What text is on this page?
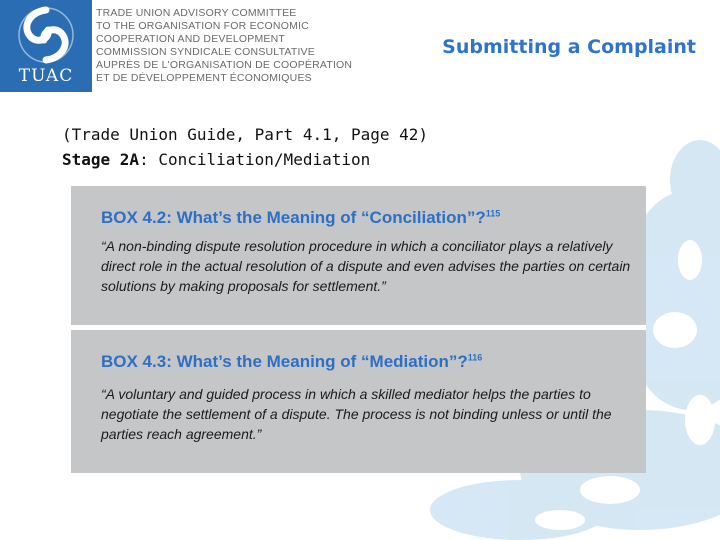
TUAC
TRADE UNION ADVISORY COMMITTEE
TO THE ORGANISATION FOR ECONOMIC
COOPERATION AND DEVELOPMENT
COMMISSION SYNDICALE CONSULTATIVE
AUPRÈS DE L'ORGANISATION DE COOPÉRATION
ET DE DÉVELOPPEMENT ÉCONOMIQUES
Submitting a Complaint
(Trade Union Guide, Part 4.1, Page 42)
Stage 2A: Conciliation/Mediation
BOX 4.2: What’s the Meaning of “Conciliation”?$^{115}$
“A non-binding dispute resolution procedure in which a conciliator plays a relatively direct role in the actual resolution of a dispute and even advises the parties on certain solutions by making proposals for settlement.”
BOX 4.3: What’s the Meaning of “Mediation”?$^{116}$
“A voluntary and guided process in which a skilled mediator helps the parties to negotiate the settlement of a dispute. The process is not binding unless or until the parties reach agreement.”
